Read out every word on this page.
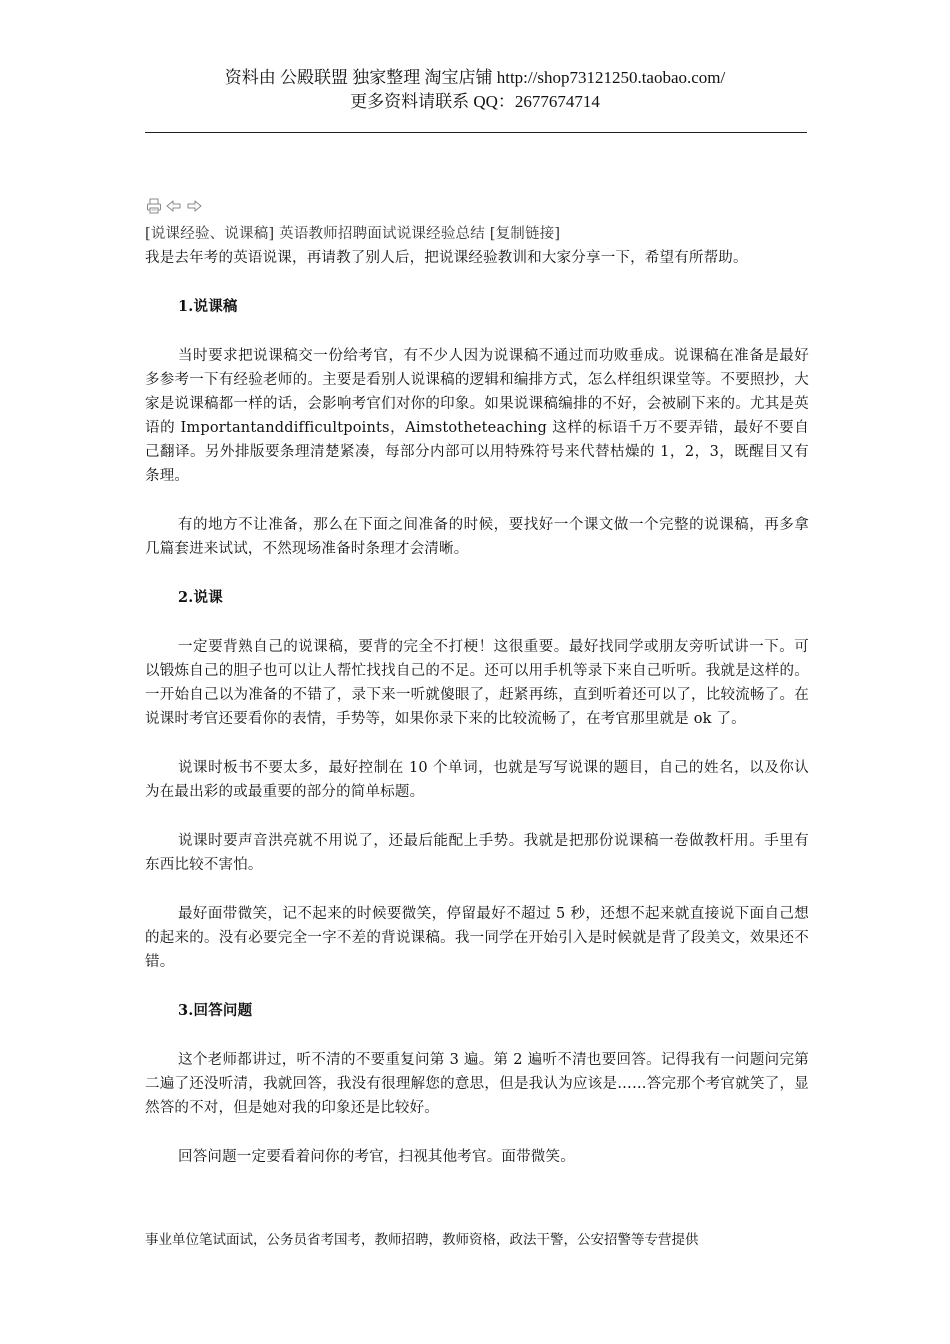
资料由 公殿联盟 独家整理 淘宝店铺 http://shop73121250.taobao.com/
更多资料请联系 QQ：2677674714

[说课经验、说课稿] 英语教师招聘面试说课经验总结 [复制链接]

我是去年考的英语说课，再请教了别人后，把说课经验教训和大家分享一下，希望有所帮助。

1.说课稿

当时要求把说课稿交一份给考官，有不少人因为说课稿不通过而功败垂成。说课稿在准备是最好多参考一下有经验老师的。主要是看别人说课稿的逻辑和编排方式，怎么样组织课堂等。不要照抄，大家是说课稿都一样的话，会影响考官们对你的印象。如果说课稿编排的不好，会被刷下来的。尤其是英语的 Importantanddifficultpoints，Aimstotheteaching 这样的标语千万不要弄错，最好不要自己翻译。另外排版要条理清楚紧凑，每部分内部可以用特殊符号来代替枯燥的 1，2，3，既醒目又有条理。

有的地方不让准备，那么在下面之间准备的时候，要找好一个课文做一个完整的说课稿，再多拿几篇套进来试试，不然现场准备时条理才会清晰。

2.说课

一定要背熟自己的说课稿，要背的完全不打梗！这很重要。最好找同学或朋友旁听试讲一下。可以锻炼自己的胆子也可以让人帮忙找找自己的不足。还可以用手机等录下来自己听听。我就是这样的。一开始自己以为准备的不错了，录下来一听就傻眼了，赶紧再练，直到听着还可以了，比较流畅了。在说课时考官还要看你的表情，手势等，如果你录下来的比较流畅了，在考官那里就是 ok 了。

说课时板书不要太多，最好控制在 10 个单词，也就是写写说课的题目，自己的姓名，以及你认为在最出彩的或最重要的部分的简单标题。

说课时要声音洪亮就不用说了，还最后能配上手势。我就是把那份说课稿一卷做教杆用。手里有东西比较不害怕。

最好面带微笑，记不起来的时候要微笑，停留最好不超过 5 秒，还想不起来就直接说下面自己想的起来的。没有必要完全一字不差的背说课稿。我一同学在开始引入是时候就是背了段美文，效果还不错。

3.回答问题

这个老师都讲过，听不清的不要重复问第 3 遍。第 2 遍听不清也要回答。记得我有一问题问完第二遍了还没听清，我就回答，我没有很理解您的意思，但是我认为应该是……答完那个考官就笑了，显然答的不对，但是她对我的印象还是比较好。

回答问题一定要看着问你的考官，扫视其他考官。面带微笑。

事业单位笔试面试，公务员省考国考，教师招聘，教师资格，政法干警，公安招警等专营提供
